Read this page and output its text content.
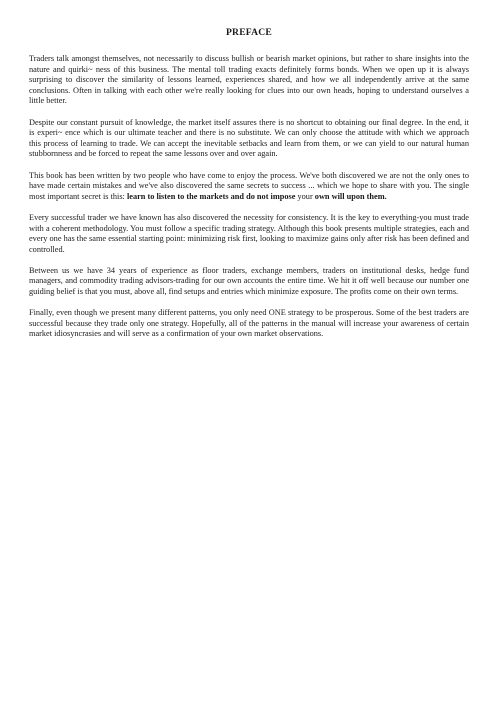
PREFACE

Traders talk amongst themselves, not necessarily to discuss bullish or bearish market opinions, but rather to share insights into the nature and quirki~ ness of this business. The mental toll trading exacts definitely forms bonds. When we open up it is always surprising to discover the similarity of lessons learned, experiences shared, and how we all independently arrive at the same conclusions. Often in talking with each other we're really looking for clues into our own heads, hoping to understand ourselves a little better.

Despite our constant pursuit of knowledge, the market itself assures there is no shortcut to obtaining our final degree. In the end, it is experi~ ence which is our ultimate teacher and there is no substitute. We can only choose the attitude with which we approach this process of learning to trade. We can accept the inevitable setbacks and learn from them, or we can yield to our natural human stubbornness and be forced to repeat the same lessons over and over again.

This book has been written by two people who have come to enjoy the process. We've both discovered we are not the only ones to have made certain mistakes and we've also discovered the same secrets to success ... which we hope to share with you. The single most important secret is this: learn to listen to the markets and do not impose your own will upon them.

Every successful trader we have known has also discovered the necessity for consistency. It is the key to everything-you must trade with a coherent methodology. You must follow a specific trading strategy. Although this book presents multiple strategies, each and every one has the same essential starting point: minimizing risk first, looking to maximize gains only after risk has been defined and controlled.

Between us we have 34 years of experience as floor traders, exchange members, traders on institutional desks, hedge fund managers, and commodity trading advisors-trading for our own accounts the entire time. We hit it off well because our number one guiding belief is that you must, above all, find setups and entries which minimize exposure. The profits come on their own terms.

Finally, even though we present many different patterns, you only need ONE strategy to be prosperous. Some of the best traders are successful because they trade only one strategy. Hopefully, all of the patterns in the manual will increase your awareness of certain market idiosyncrasies and will serve as a confirmation of your own market observations.
